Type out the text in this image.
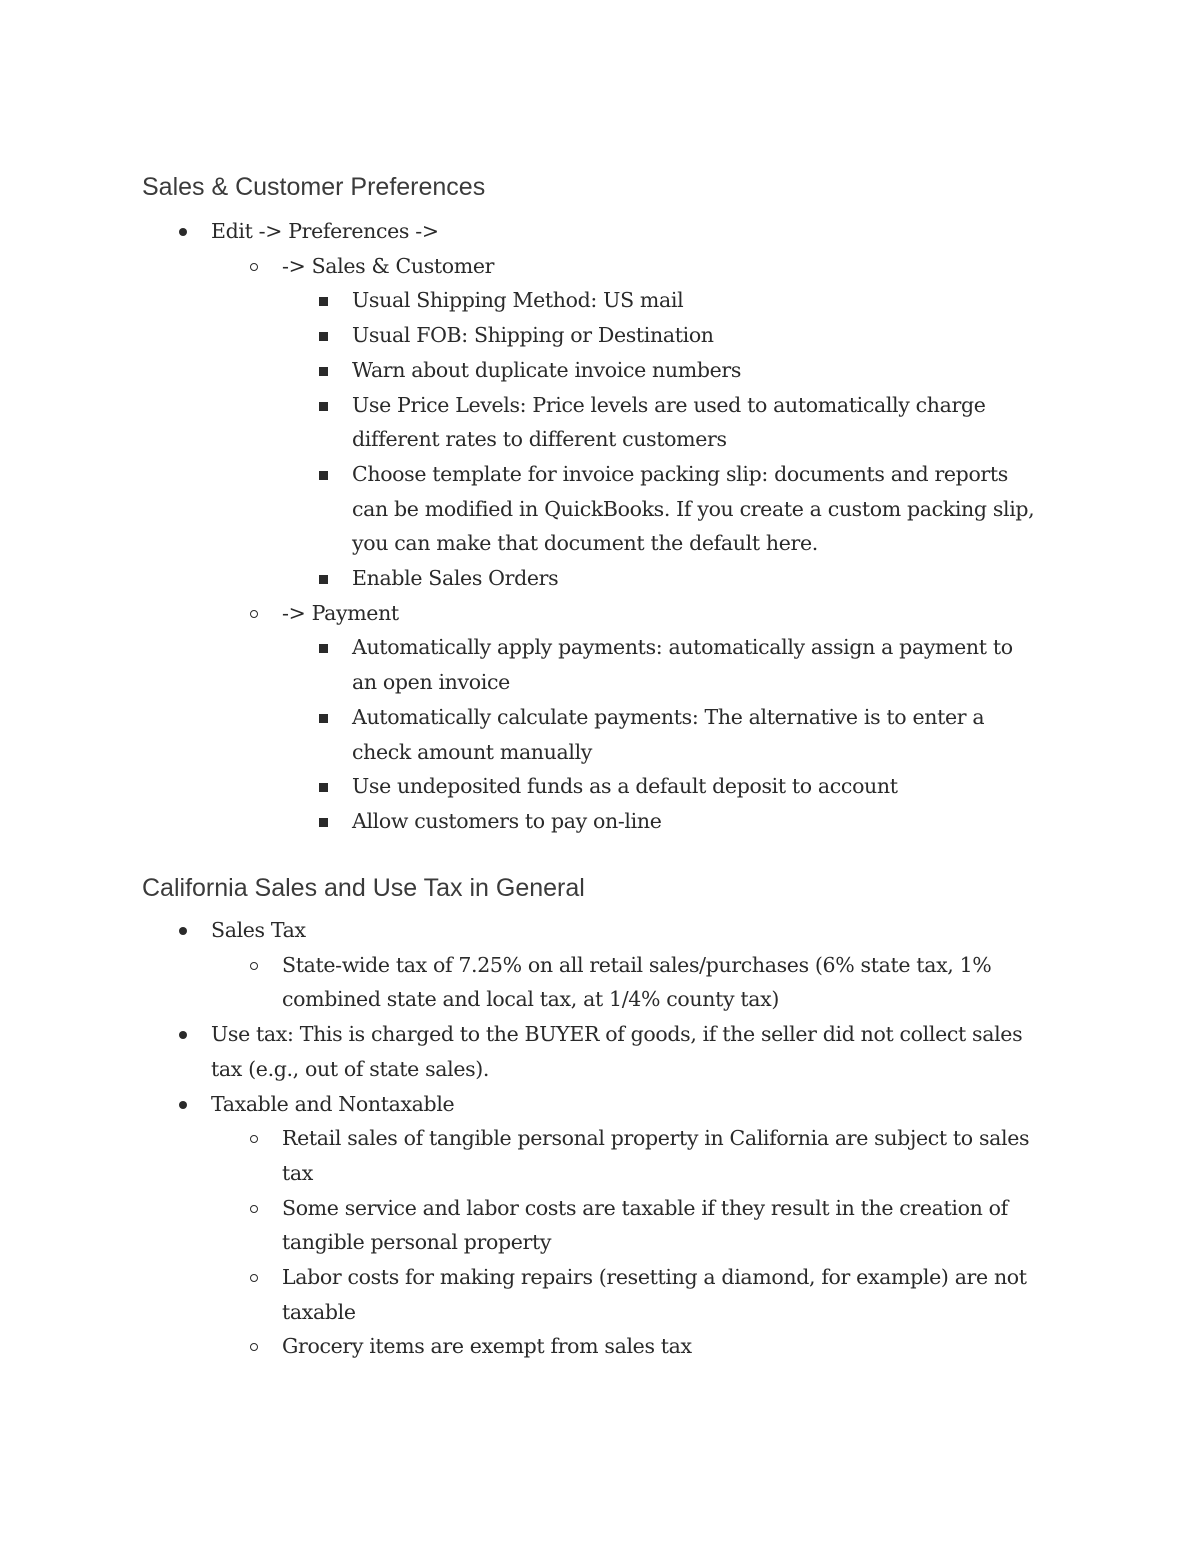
Sales & Customer Preferences
Edit -> Preferences ->
-> Sales & Customer
Usual Shipping Method: US mail
Usual FOB: Shipping or Destination
Warn about duplicate invoice numbers
Use Price Levels: Price levels are used to automatically charge different rates to different customers
Choose template for invoice packing slip: documents and reports can be modified in QuickBooks. If you create a custom packing slip, you can make that document the default here.
Enable Sales Orders
-> Payment
Automatically apply payments: automatically assign a payment to an open invoice
Automatically calculate payments: The alternative is to enter a check amount manually
Use undeposited funds as a default deposit to account
Allow customers to pay on-line
California Sales and Use Tax in General
Sales Tax
State-wide tax of 7.25% on all retail sales/purchases (6% state tax, 1% combined state and local tax, at 1/4% county tax)
Use tax: This is charged to the BUYER of goods, if the seller did not collect sales tax (e.g., out of state sales).
Taxable and Nontaxable
Retail sales of tangible personal property in California are subject to sales tax
Some service and labor costs are taxable if they result in the creation of tangible personal property
Labor costs for making repairs (resetting a diamond, for example) are not taxable
Grocery items are exempt from sales tax
